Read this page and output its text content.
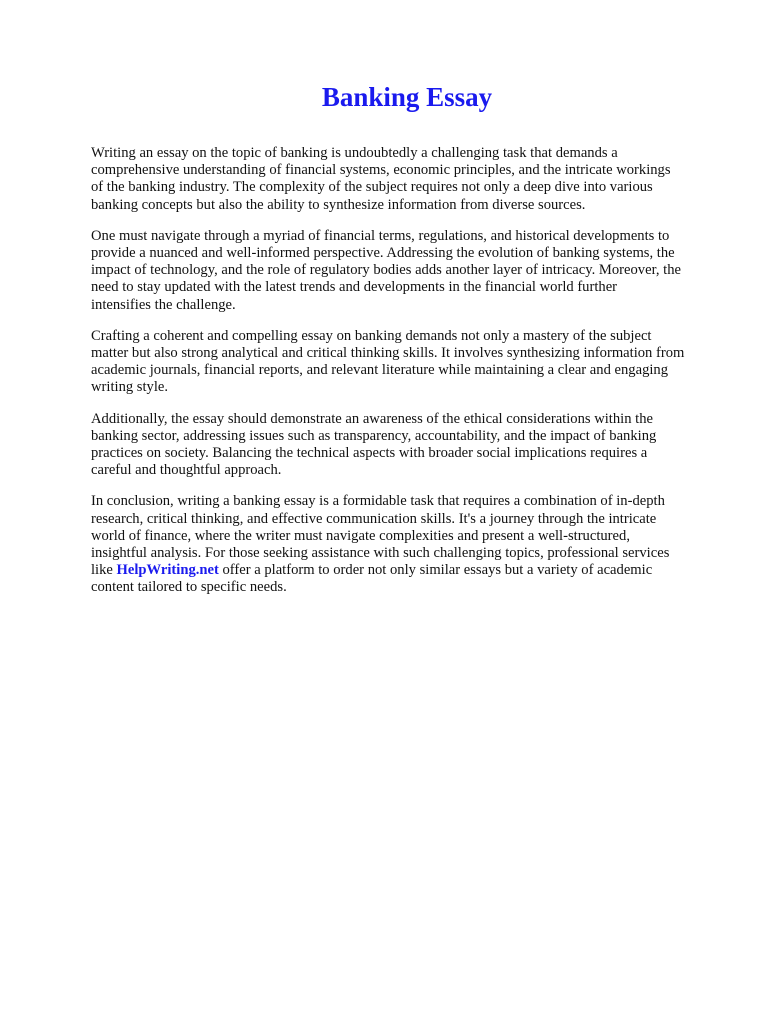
Banking Essay

Writing an essay on the topic of banking is undoubtedly a challenging task that demands a
comprehensive understanding of financial systems, economic principles, and the intricate workings
of the banking industry. The complexity of the subject requires not only a deep dive into various
banking concepts but also the ability to synthesize information from diverse sources.

One must navigate through a myriad of financial terms, regulations, and historical developments to
provide a nuanced and well-informed perspective. Addressing the evolution of banking systems, the
impact of technology, and the role of regulatory bodies adds another layer of intricacy. Moreover, the
need to stay updated with the latest trends and developments in the financial world further
intensifies the challenge.

Crafting a coherent and compelling essay on banking demands not only a mastery of the subject
matter but also strong analytical and critical thinking skills. It involves synthesizing information from
academic journals, financial reports, and relevant literature while maintaining a clear and engaging
writing style.

Additionally, the essay should demonstrate an awareness of the ethical considerations within the
banking sector, addressing issues such as transparency, accountability, and the impact of banking
practices on society. Balancing the technical aspects with broader social implications requires a
careful and thoughtful approach.

In conclusion, writing a banking essay is a formidable task that requires a combination of in-depth
research, critical thinking, and effective communication skills. It's a journey through the intricate
world of finance, where the writer must navigate complexities and present a well-structured,
insightful analysis. For those seeking assistance with such challenging topics, professional services
like HelpWriting.net offer a platform to order not only similar essays but a variety of academic
content tailored to specific needs.
